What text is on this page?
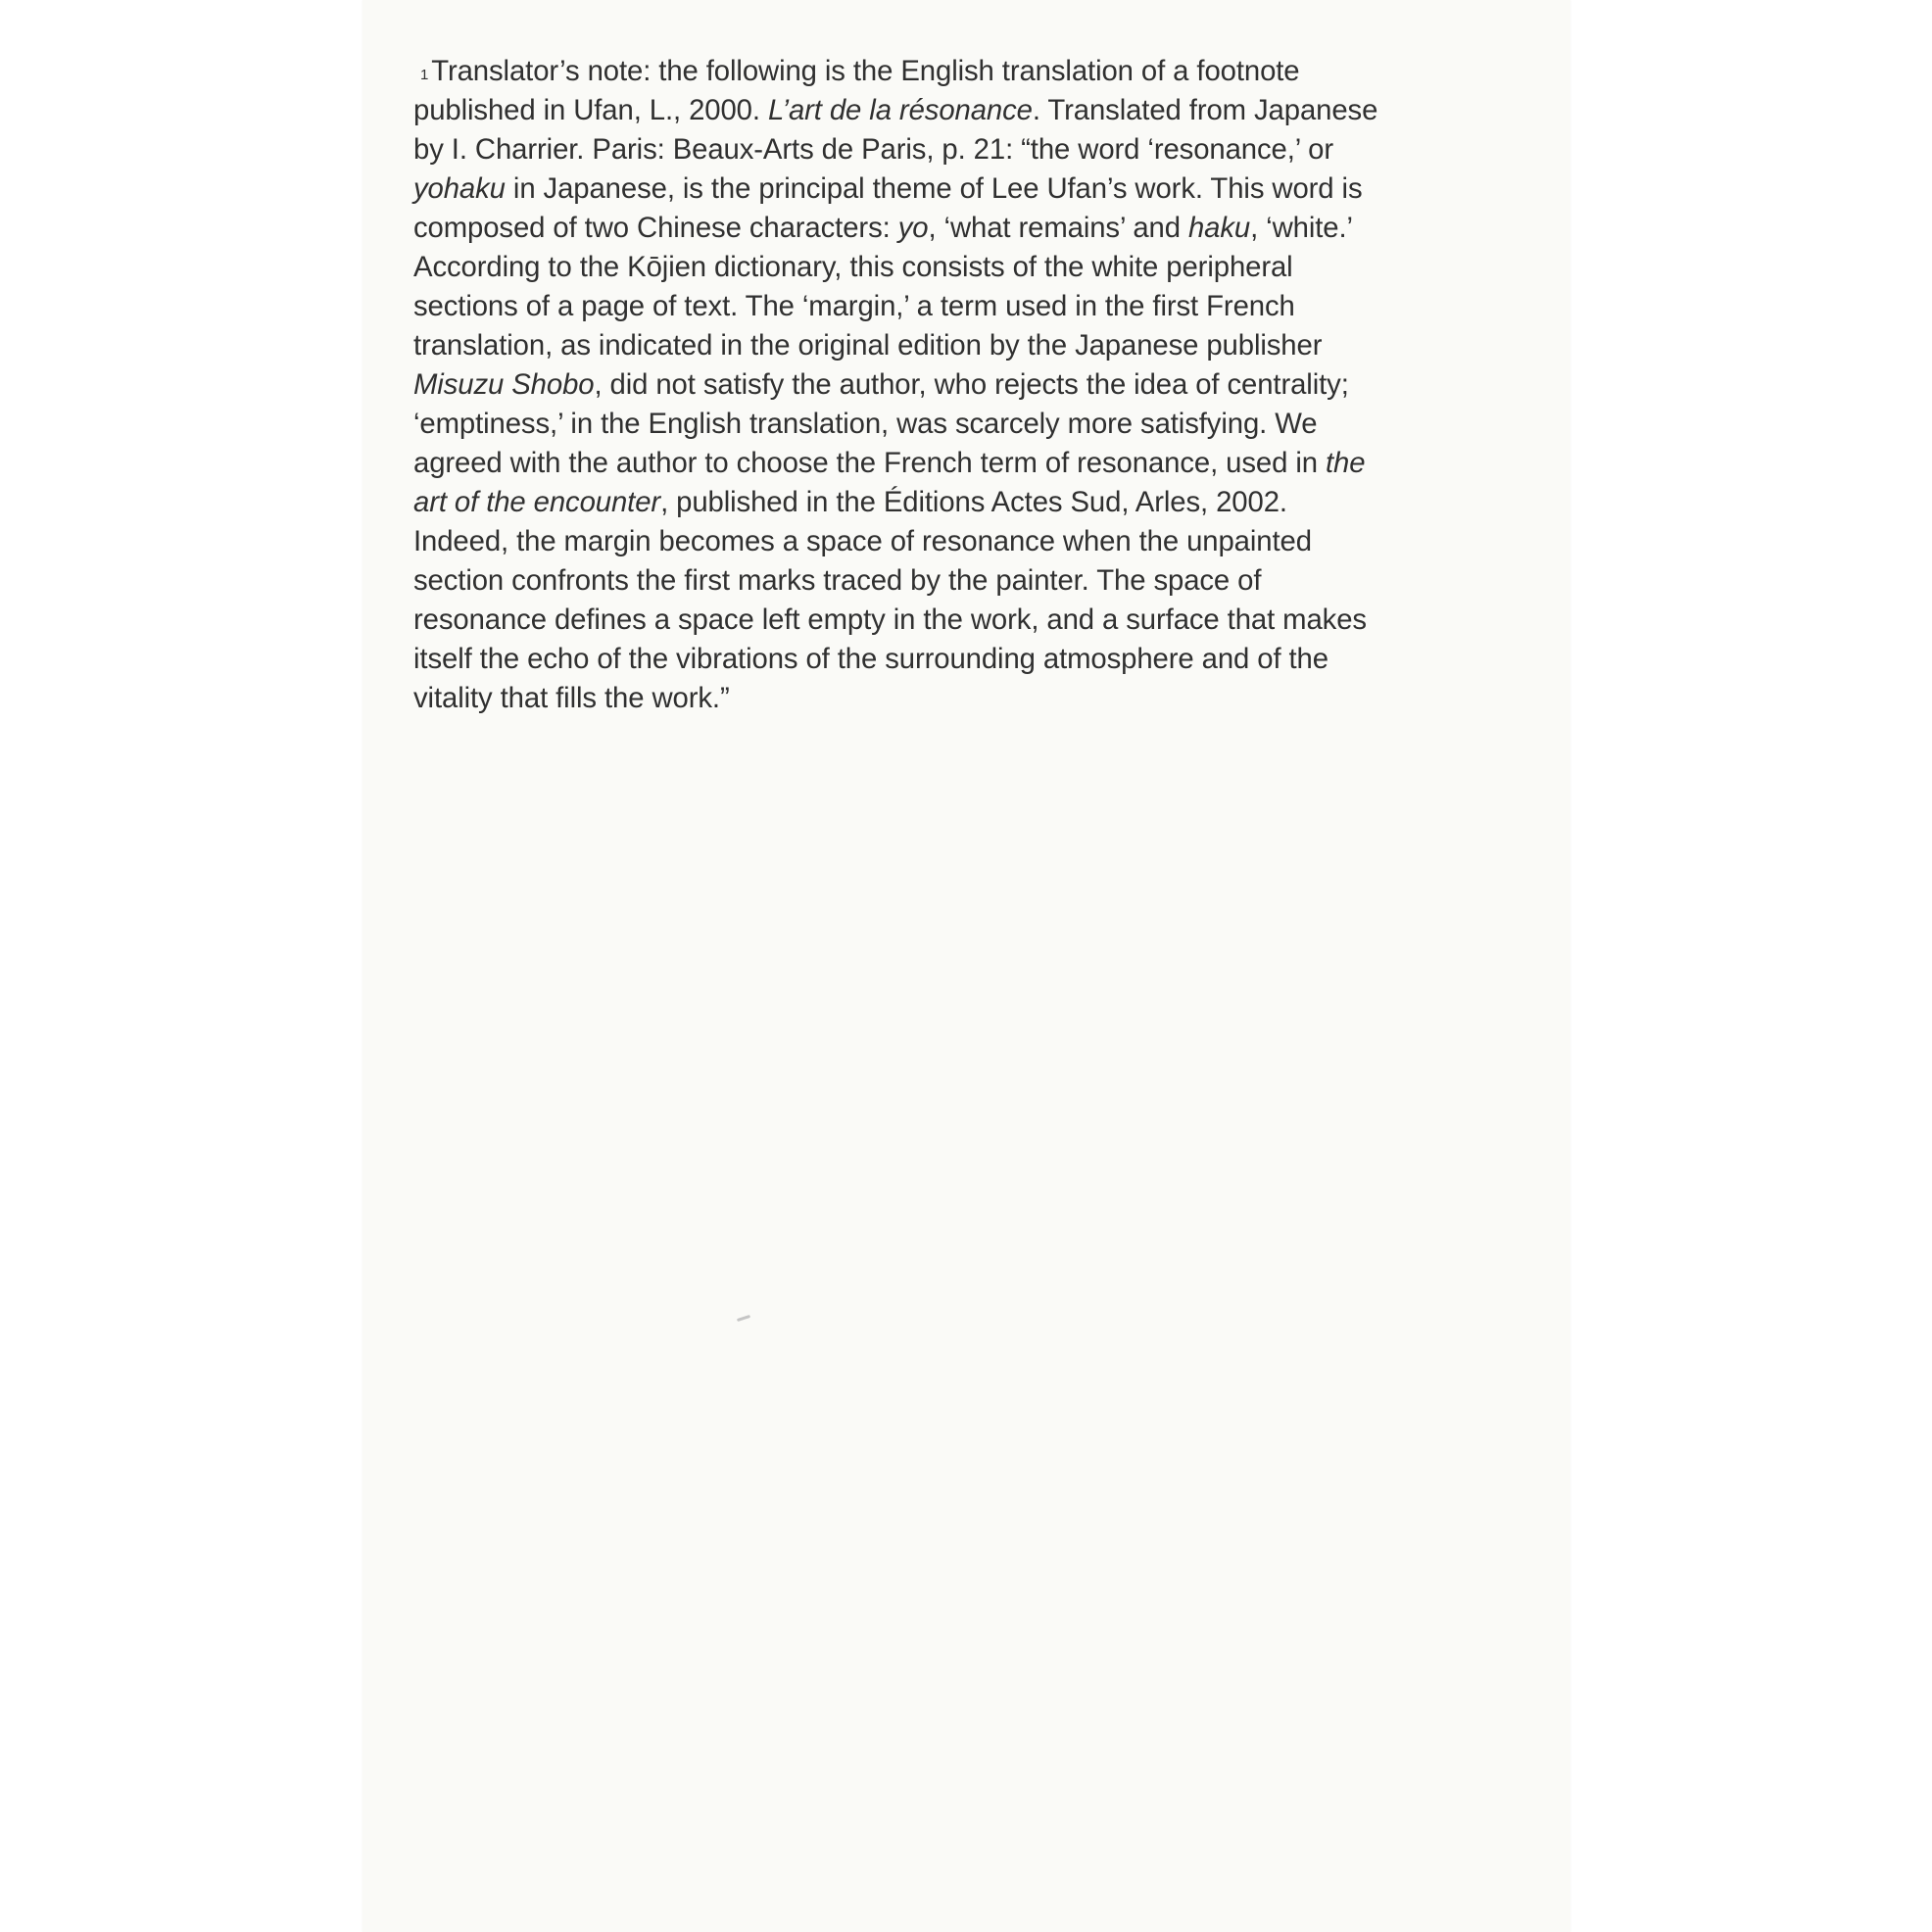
$^1$ Translator’s note: the following is the English translation of a footnote
published in Ufan, L., 2000. L’art de la résonance. Translated from Japanese
by I. Charrier. Paris: Beaux-Arts de Paris, p. 21: “the word ‘resonance,’ or
yohaku in Japanese, is the principal theme of Lee Ufan’s work. This word is
composed of two Chinese characters: yo, ‘what remains’ and haku, ‘white.’
According to the Kōjien dictionary, this consists of the white peripheral
sections of a page of text. The ‘margin,’ a term used in the first French
translation, as indicated in the original edition by the Japanese publisher
Misuzu Shobo, did not satisfy the author, who rejects the idea of centrality;
‘emptiness,’ in the English translation, was scarcely more satisfying. We
agreed with the author to choose the French term of resonance, used in the
art of the encounter, published in the Éditions Actes Sud, Arles, 2002.
Indeed, the margin becomes a space of resonance when the unpainted
section confronts the first marks traced by the painter. The space of
resonance defines a space left empty in the work, and a surface that makes
itself the echo of the vibrations of the surrounding atmosphere and of the
vitality that fills the work.”
